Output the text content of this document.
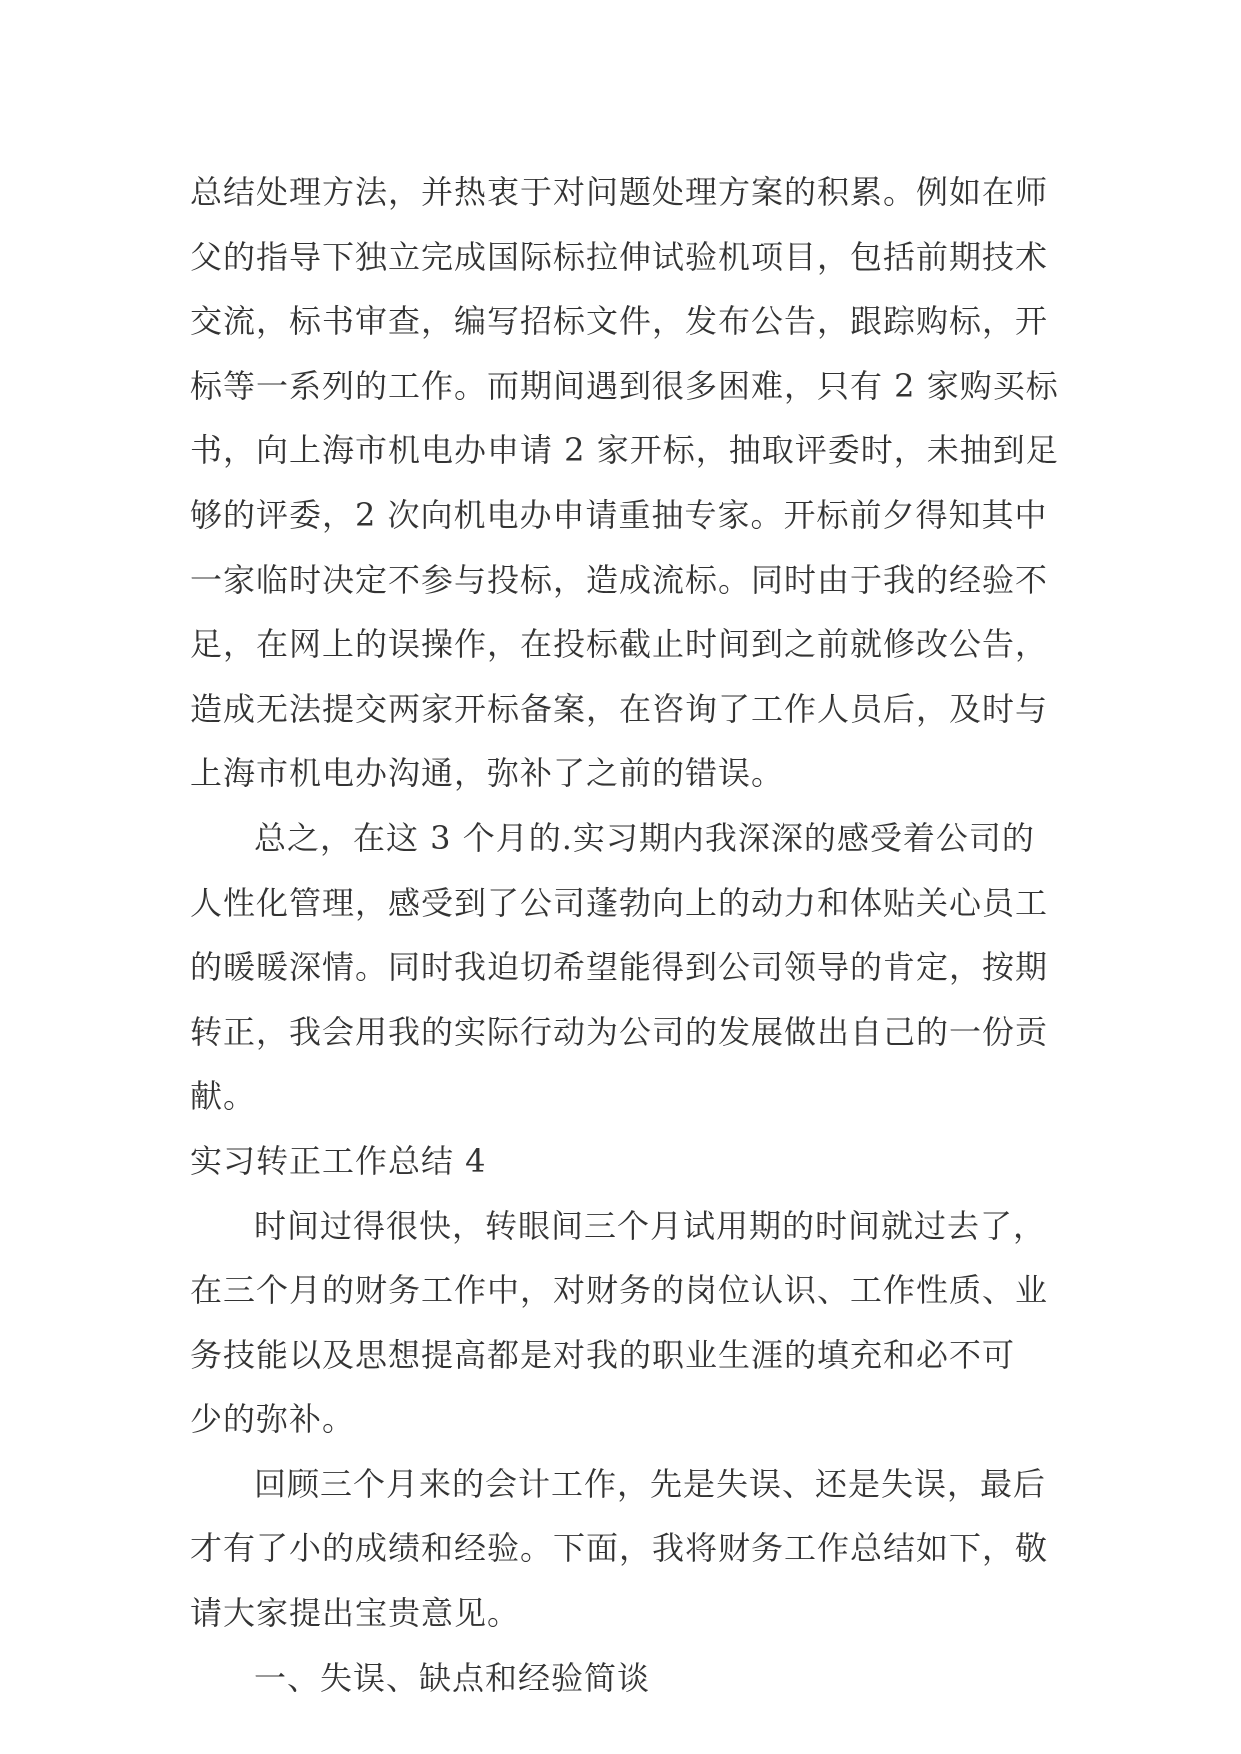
总结处理方法，并热衷于对问题处理方案的积累。例如在师
父的指导下独立完成国际标拉伸试验机项目，包括前期技术
交流，标书审查，编写招标文件，发布公告，跟踪购标，开
标等一系列的工作。而期间遇到很多困难，只有 2 家购买标
书，向上海市机电办申请 2 家开标，抽取评委时，未抽到足
够的评委，2 次向机电办申请重抽专家。开标前夕得知其中
一家临时决定不参与投标，造成流标。同时由于我的经验不
足，在网上的误操作，在投标截止时间到之前就修改公告，
造成无法提交两家开标备案，在咨询了工作人员后，及时与
上海市机电办沟通，弥补了之前的错误。
总之，在这 3 个月的.实习期内我深深的感受着公司的
人性化管理，感受到了公司蓬勃向上的动力和体贴关心员工
的暖暖深情。同时我迫切希望能得到公司领导的肯定，按期
转正，我会用我的实际行动为公司的发展做出自己的一份贡
献。
实习转正工作总结 4
时间过得很快，转眼间三个月试用期的时间就过去了，
在三个月的财务工作中，对财务的岗位认识、工作性质、业
务技能以及思想提高都是对我的职业生涯的填充和必不可
少的弥补。
回顾三个月来的会计工作，先是失误、还是失误，最后
才有了小的成绩和经验。下面，我将财务工作总结如下，敬
请大家提出宝贵意见。
一、失误、缺点和经验简谈
